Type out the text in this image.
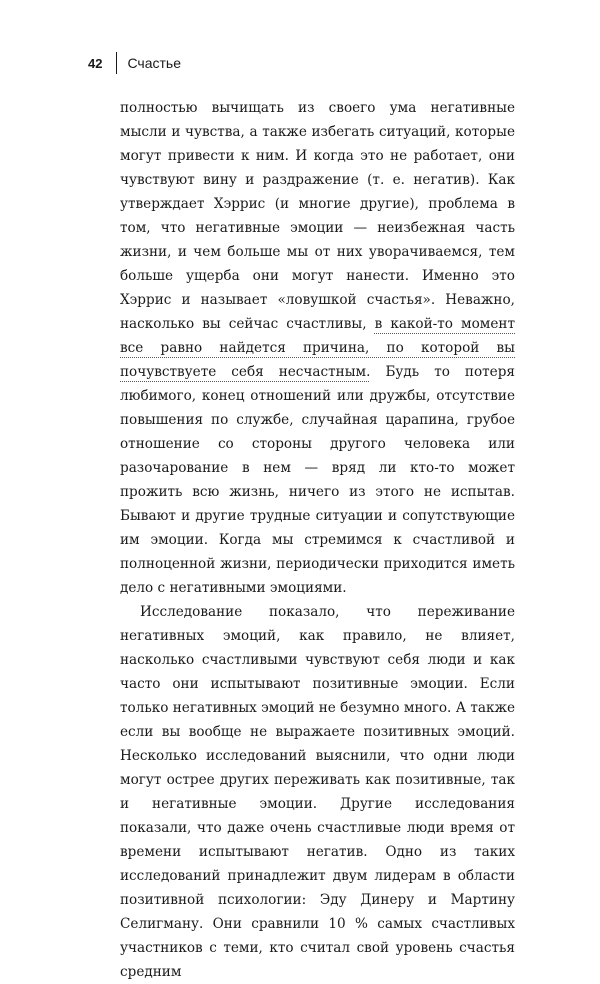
42 Счастье

полностью вычищать из своего ума негативные мысли и чувства, а также избегать ситуаций, которые могут привести к ним. И когда это не работает, они чувствуют вину и раздражение (т. е. негатив). Как утверждает Хэррис (и многие другие), проблема в том, что негативные эмоции — неизбежная часть жизни, и чем больше мы от них уворачиваемся, тем больше ущерба они могут нанести. Именно это Хэррис и называет «ловушкой счастья». Неважно, насколько вы сейчас счастливы, в какой-то момент все равно найдется причина, по которой вы почувствуете себя несчастным. Будь то потеря любимого, конец отношений или дружбы, отсутствие повышения по службе, случайная царапина, грубое отношение со стороны другого человека или разочарование в нем — вряд ли кто-то может прожить всю жизнь, ничего из этого не испытав. Бывают и другие трудные ситуации и сопутствующие им эмоции. Когда мы стремимся к счастливой и полноценной жизни, периодически приходится иметь дело с негативными эмоциями.

Исследование показало, что переживание негативных эмоций, как правило, не влияет, насколько счастливыми чувствуют себя люди и как часто они испытывают позитивные эмоции. Если только негативных эмоций не безумно много. А также если вы вообще не выражаете позитивных эмоций. Несколько исследований выяснили, что одни люди могут острее других переживать как позитивные, так и негативные эмоции. Другие исследования показали, что даже очень счастливые люди время от времени испытывают негатив. Одно из таких исследований принадлежит двум лидерам в области позитивной психологии: Эду Динеру и Мартину Селигману. Они сравнили 10 % самых счастливых участников с теми, кто считал свой уровень счастья средним
